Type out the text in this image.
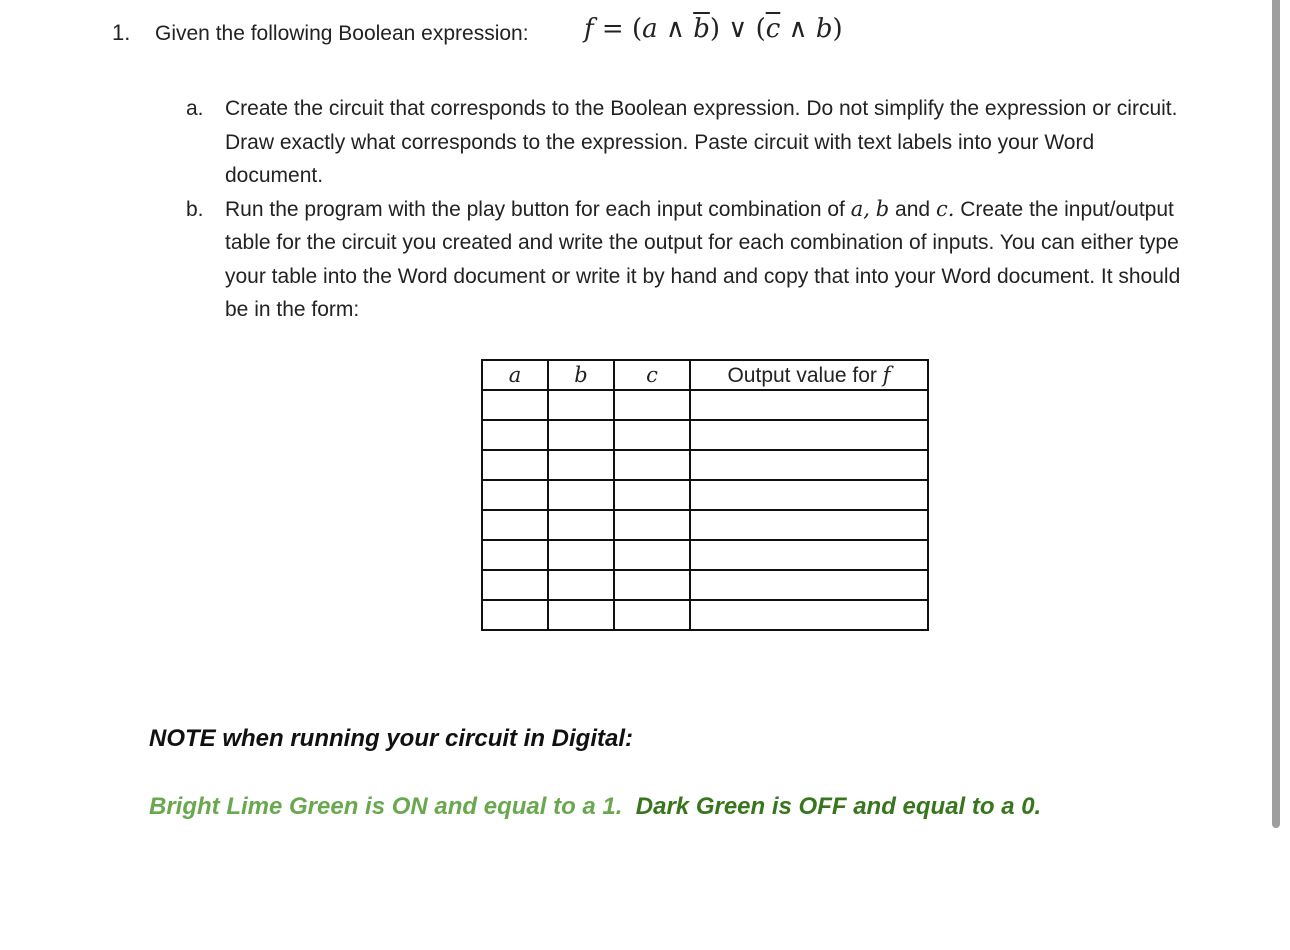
1. Given the following Boolean expression: f = (a ∧ $\overline{b}$) ∨ ($\overline{c}$ ∧ b)
a. Create the circuit that corresponds to the Boolean expression. Do not simplify the expression or circuit. Draw exactly what corresponds to the expression. Paste circuit with text labels into your Word document.
b. Run the program with the play button for each input combination of a, b and c. Create the input/output table for the circuit you created and write the output for each combination of inputs. You can either type your table into the Word document or write it by hand and copy that into your Word document. It should be in the form:
a	b	c	Output value for f

NOTE when running your circuit in Digital:
Bright Lime Green is ON and equal to a 1. Dark Green is OFF and equal to a 0.
